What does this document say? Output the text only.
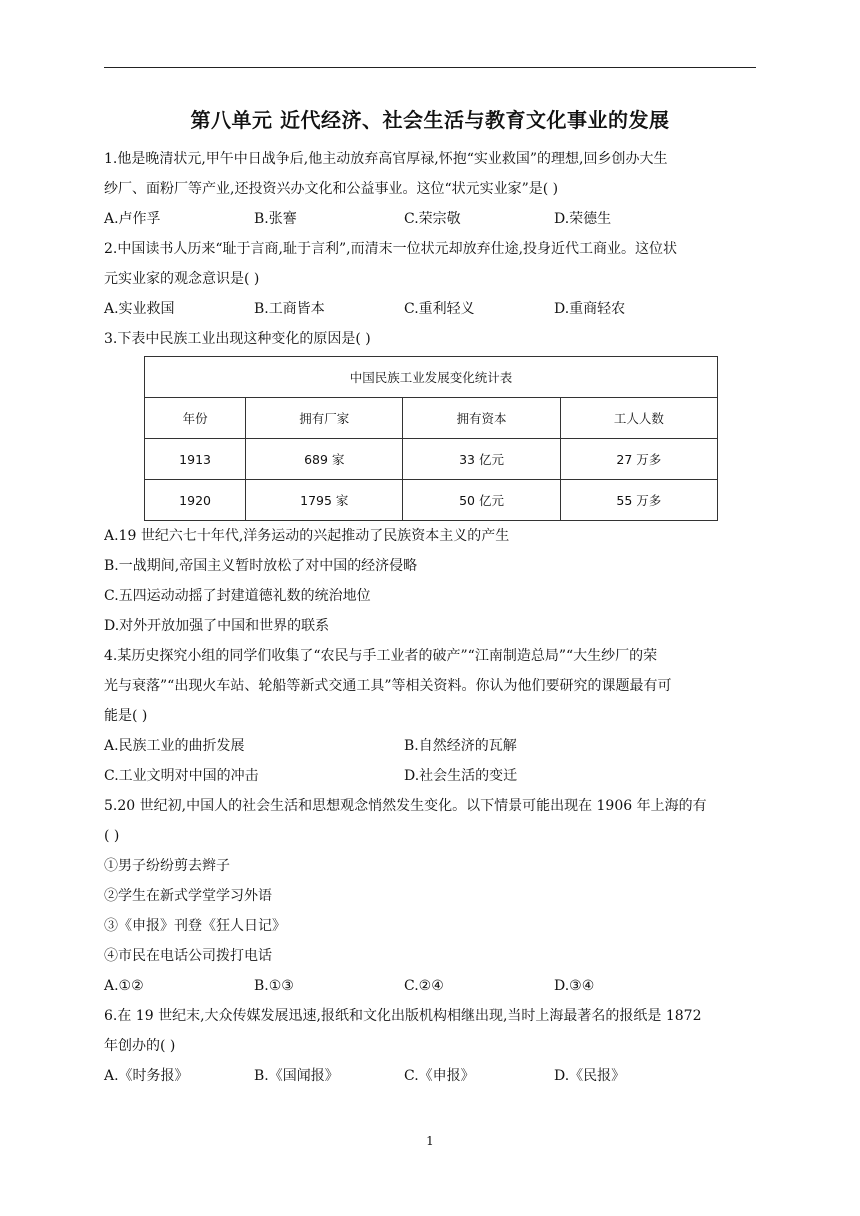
第八单元 近代经济、社会生活与教育文化事业的发展
1.他是晚清状元,甲午中日战争后,他主动放弃高官厚禄,怀抱“实业救国”的理想,回乡创办大生
纱厂、面粉厂等产业,还投资兴办文化和公益事业。这位“状元实业家”是( )
A.卢作孚	B.张謇	C.荣宗敬	D.荣德生
2.中国读书人历来“耻于言商,耻于言利”,而清末一位状元却放弃仕途,投身近代工商业。这位状
元实业家的观念意识是( )
A.实业救国	B.工商皆本	C.重利轻义	D.重商轻农
3.下表中民族工业出现这种变化的原因是( )
中国民族工业发展变化统计表			
年份	拥有厂家	拥有资本	工人人数
1913	689 家	33 亿元	27 万多
1920	1795 家	50 亿元	55 万多
A.19 世纪六七十年代,洋务运动的兴起推动了民族资本主义的产生
B.一战期间,帝国主义暂时放松了对中国的经济侵略
C.五四运动动摇了封建道德礼数的统治地位
D.对外开放加强了中国和世界的联系
4.某历史探究小组的同学们收集了“农民与手工业者的破产”“江南制造总局”“大生纱厂的荣
光与衰落”“出现火车站、轮船等新式交通工具”等相关资料。你认为他们要研究的课题最有可
能是( )
A.民族工业的曲折发展	B.自然经济的瓦解
C.工业文明对中国的冲击	D.社会生活的变迁
5.20 世纪初,中国人的社会生活和思想观念悄然发生变化。以下情景可能出现在 1906 年上海的有
( )
①男子纷纷剪去辫子
②学生在新式学堂学习外语
③《申报》刊登《狂人日记》
④市民在电话公司拨打电话
A.①②	B.①③	C.②④	D.③④
6.在 19 世纪末,大众传媒发展迅速,报纸和文化出版机构相继出现,当时上海最著名的报纸是 1872
年创办的( )
A.《时务报》	B.《国闻报》	C.《申报》	D.《民报》
1
